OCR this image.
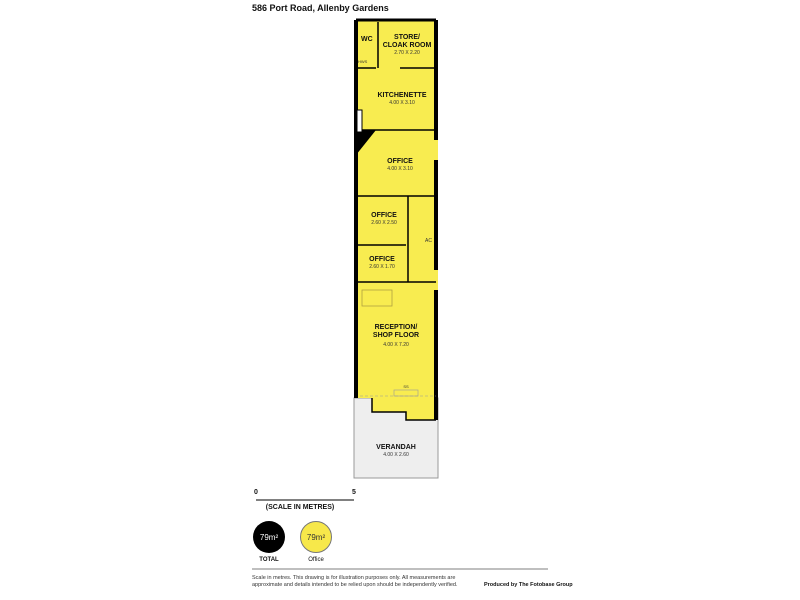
586 Port Road, Allenby Gardens
WC	STORE/
CLOAK ROOM
2.70 X 2.20
HWS
KITCHENETTE
4.00 X 3.10
OFFICE
4.00 X 3.10
OFFICE
2.60 X 2.50
AC
OFFICE
2.60 X 1.70
RECEPTION/
SHOP FLOOR
4.00 X 7.20
SS
VERANDAH
4.00 X 2.60
0	5
(SCALE IN METRES)
79m²	79m²
TOTAL	Office
Scale in metres. This drawing is for illustration purposes only. All measurements are
approximate and details intended to be relied upon should be independently verified.	Produced by The Fotobase Group
